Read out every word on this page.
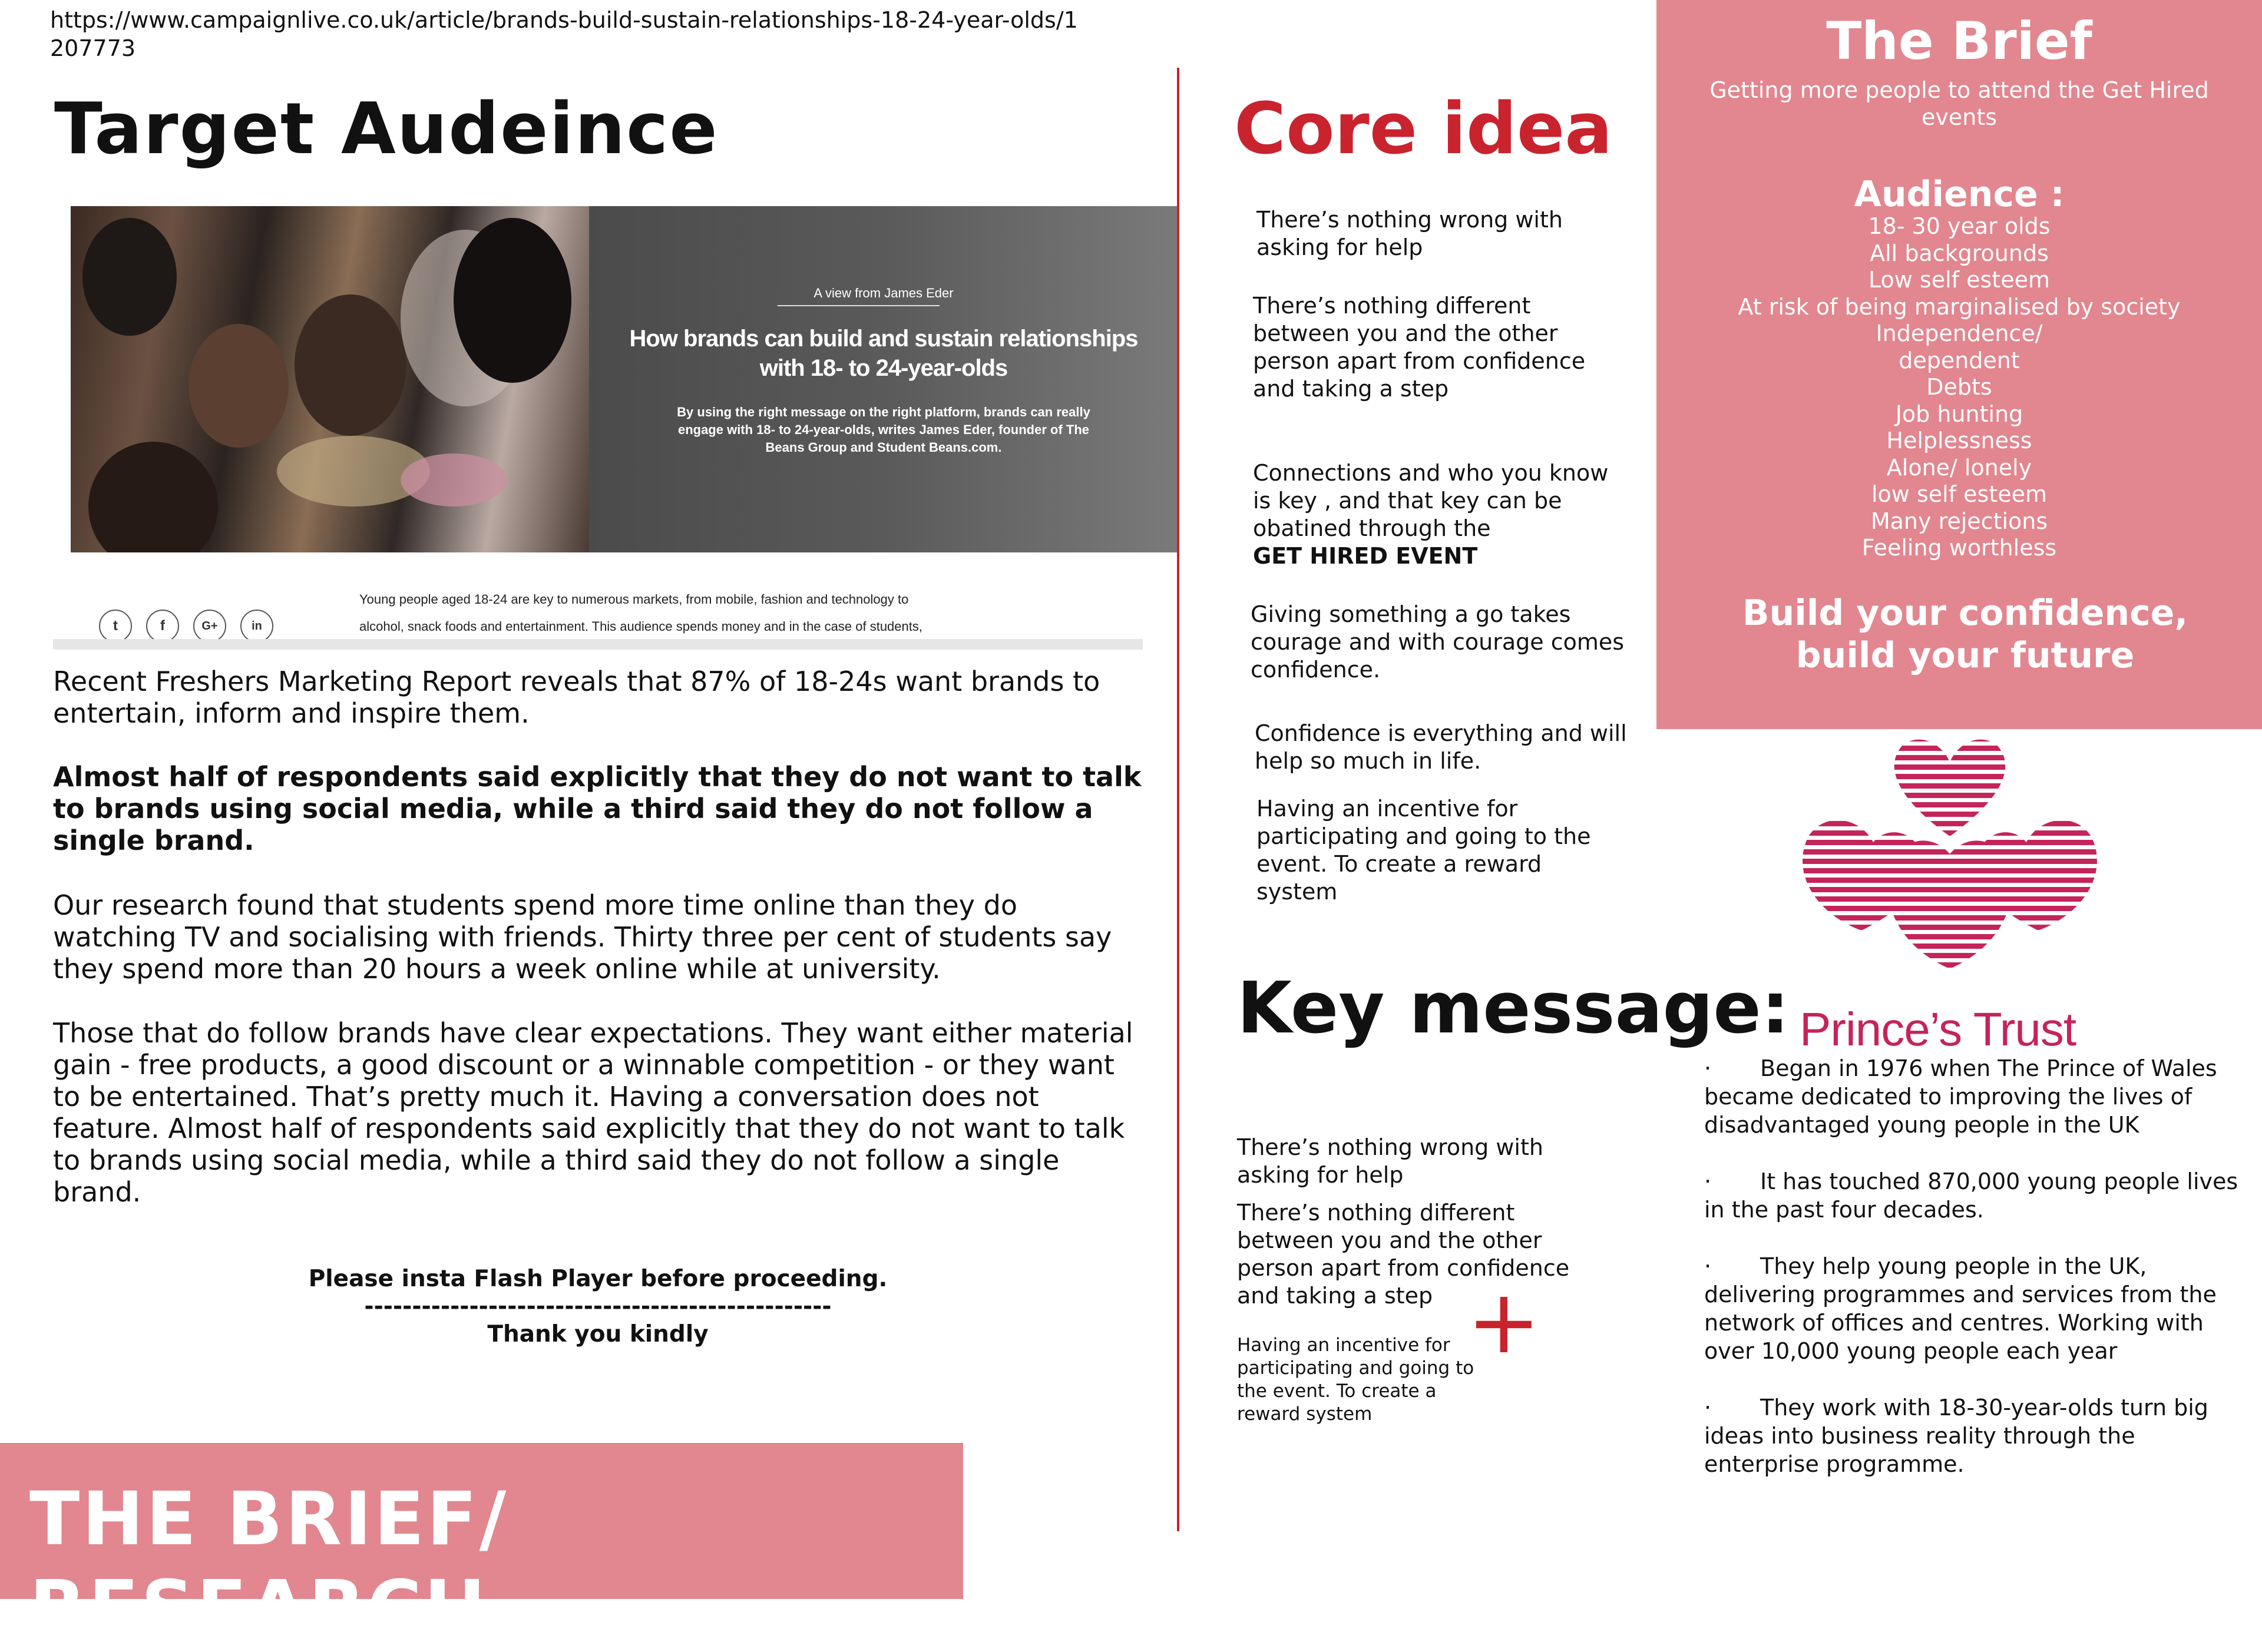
https://www.campaignlive.co.uk/article/brands-build-sustain-relationships-18-24-year-olds/1207773
Target Audeince
A view from James Eder
How brands can build and sustain relationships with 18- to 24-year-olds
By using the right message on the right platform, brands can really engage with 18- to 24-year-olds, writes James Eder, founder of The Beans Group and Student Beans.com.
t	f	G+	in
Young people aged 18-24 are key to numerous markets, from mobile, fashion and technology to
alcohol, snack foods and entertainment. This audience spends money and in the case of students,
Recent Freshers Marketing Report reveals that 87% of 18-24s want brands to entertain, inform and inspire them.
Almost half of respondents said explicitly that they do not want to talk to brands using social media, while a third said they do not follow a single brand.
Our research found that students spend more time online than they do watching TV and socialising with friends. Thirty three per cent of students say they spend more than 20 hours a week online while at university.
Those that do follow brands have clear expectations. They want either material gain - free products, a good discount or a winnable competition - or they want to be entertained. That’s pretty much it. Having a conversation does not feature. Almost half of respondents said explicitly that they do not want to talk to brands using social media, while a third said they do not follow a single brand.
Please insta Flash Player before proceeding.
-------------------------------------------------
Thank you kindly
THE BRIEF/ RESEARCH
Core idea
There’s nothing wrong with asking for help
There’s nothing different between you and the other person apart from confidence and taking a step
Connections and who you know is key , and that key can be obatined through the
GET HIRED EVENT
Giving something a go takes courage and with courage comes confidence.
Confidence is everything and will help so much in life.
Having an incentive for participating and going to the event. To create a reward system
Key message:
There’s nothing wrong with asking for help
There’s nothing different between you and the other person apart from confidence and taking a step
Having an incentive for participating and going to the event. To create a reward system
+
The Brief
Getting more people to attend the Get Hired events
Audience :
18- 30 year olds
All backgrounds
Low self esteem
At risk of being marginalised by society
Independence/
dependent
Debts
Job hunting
Helplessness
Alone/ lonely
low self esteem
Many rejections
Feeling worthless
Build your confidence, build your future
Prince’s Trust
· Began in 1976 when The Prince of Wales became dedicated to improving the lives of disadvantaged young people in the UK
· It has touched 870,000 young people lives in the past four decades.
· They help young people in the UK, delivering programmes and services from the network of offices and centres. Working with over 10,000 young people each year
· They work with 18-30-year-olds turn big ideas into business reality through the enterprise programme.
